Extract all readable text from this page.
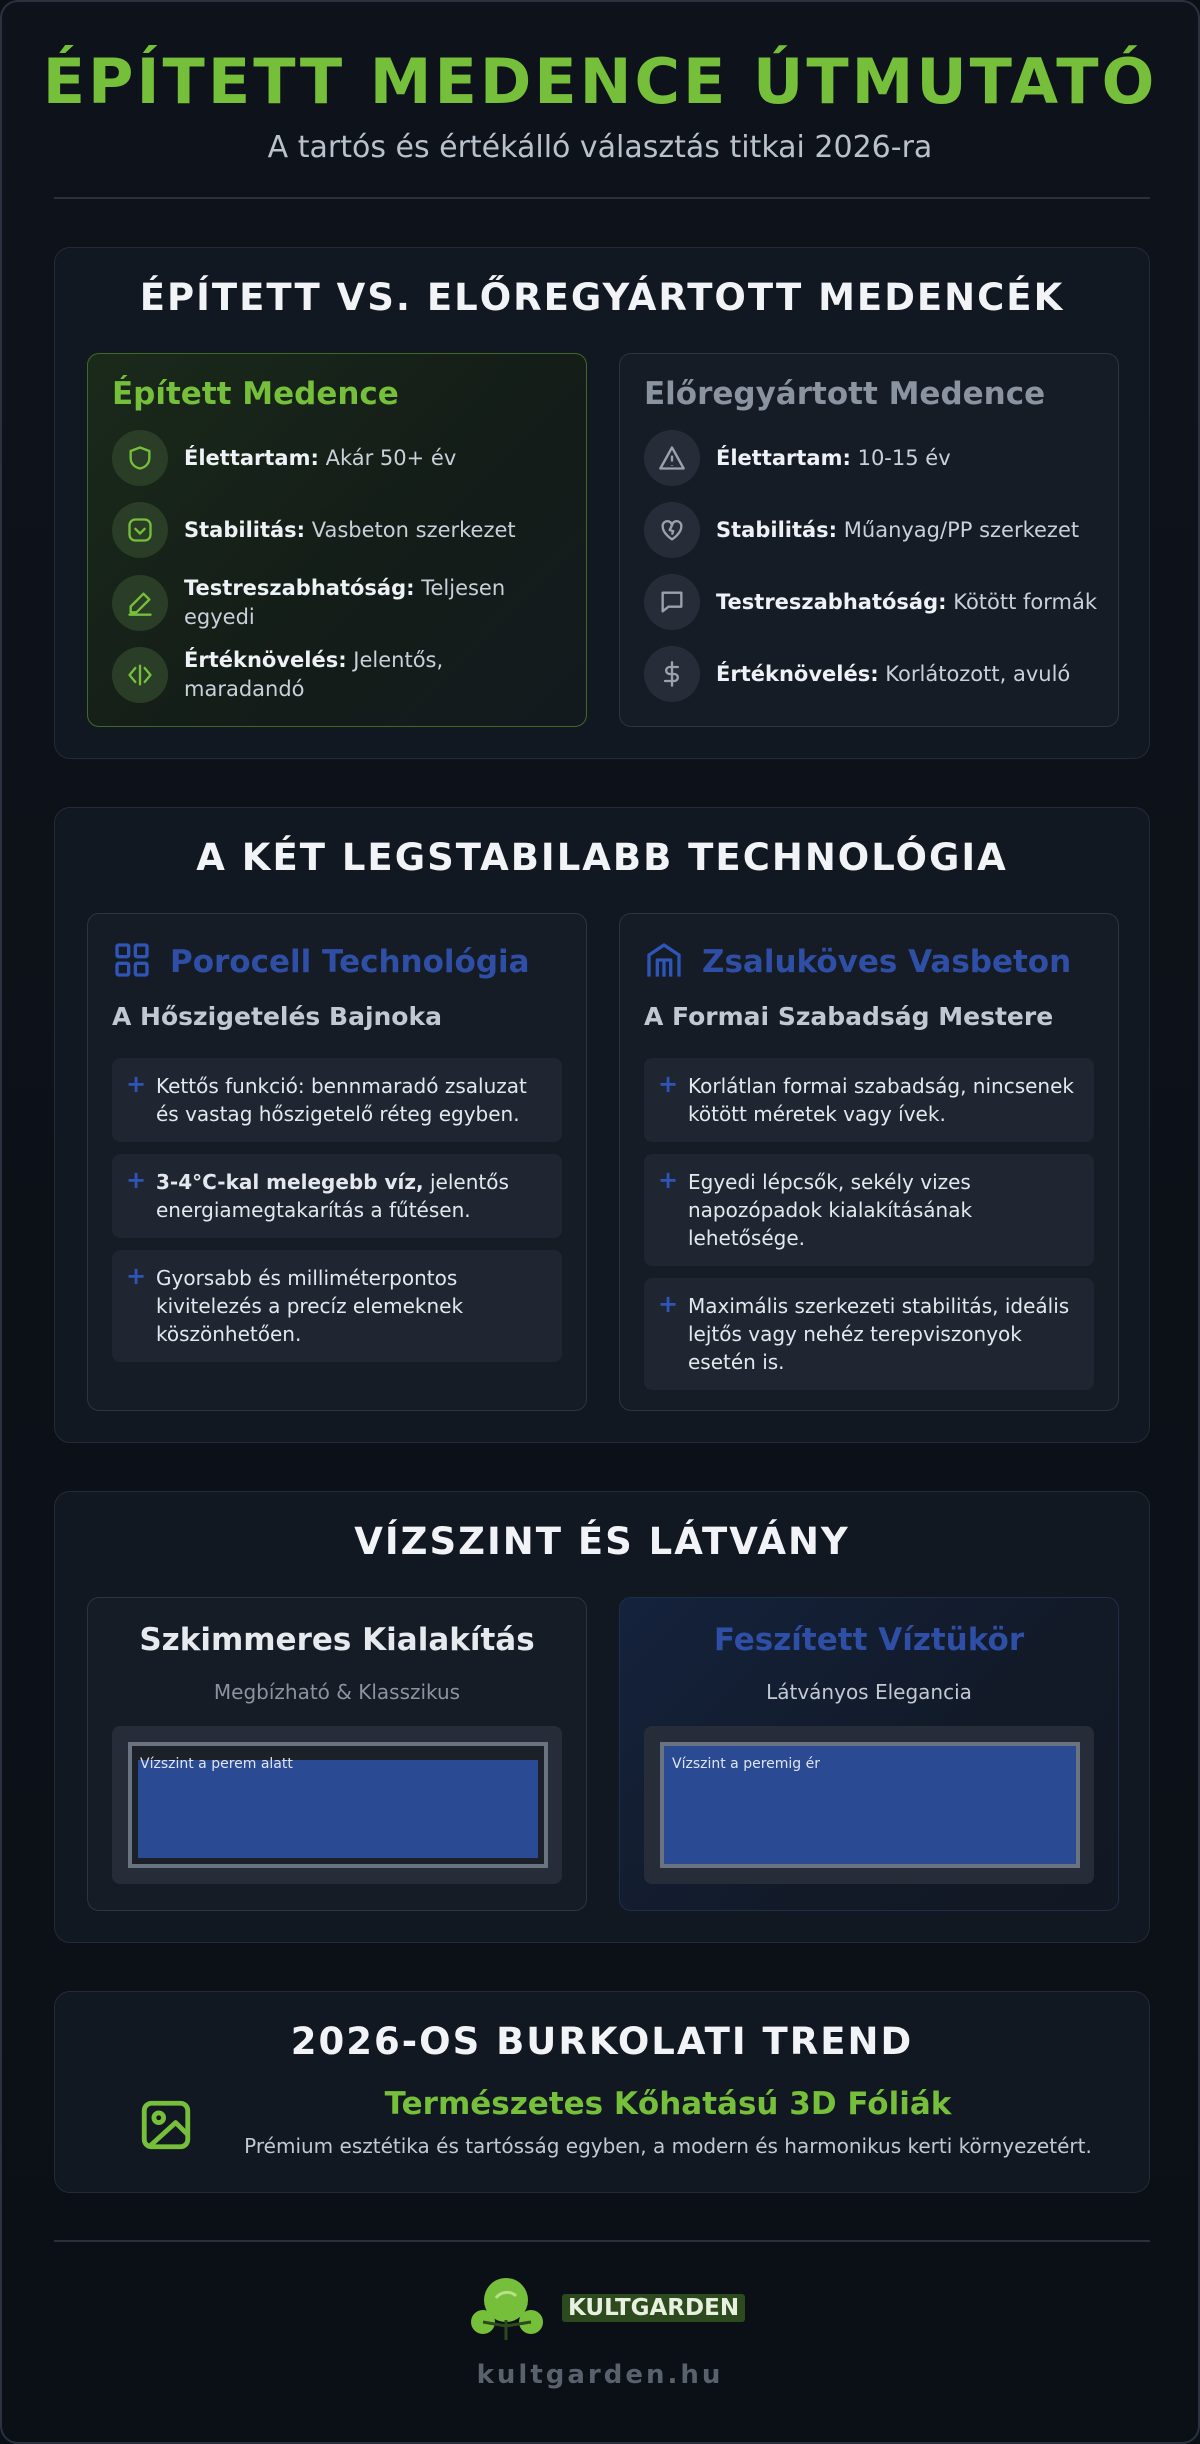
ÉPÍTETT MEDENCE ÚTMUTATÓ
A tartós és értékálló választás titkai 2026-ra
ÉPÍTETT VS. ELŐREGYÁRTOTT MEDENCÉK
Épített Medence
Élettartam: Akár 50+ év
Stabilitás: Vasbeton szerkezet
Testreszabhatóság: Teljesen egyedi
Értéknövelés: Jelentős, maradandó
Előregyártott Medence
Élettartam: 10-15 év
Stabilitás: Műanyag/PP szerkezet
Testreszabhatóság: Kötött formák
Értéknövelés: Korlátozott, avuló
A KÉT LEGSTABILABB TECHNOLÓGIA
Porocell Technológia
A Hőszigetelés Bajnoka
+ Kettős funkció: bennmaradó zsaluzat és vastag hőszigetelő réteg egyben.
+ 3-4°C-kal melegebb víz, jelentős energiamegtakarítás a fűtésen.
+ Gyorsabb és milliméterpontos kivitelezés a precíz elemeknek köszönhetően.
Zsaluköves Vasbeton
A Formai Szabadság Mestere
+ Korlátlan formai szabadság, nincsenek kötött méretek vagy ívek.
+ Egyedi lépcsők, sekély vizes napozópadok kialakításának lehetősége.
+ Maximális szerkezeti stabilitás, ideális lejtős vagy nehéz terepviszonyok esetén is.
VÍZSZINT ÉS LÁTVÁNY
Szkimmeres Kialakítás
Megbízható & Klasszikus
Vízszint a perem alatt
Feszített Víztükör
Látványos Elegancia
Vízszint a peremig ér
2026-OS BURKOLATI TREND
Természetes Kőhatású 3D Fóliák
Prémium esztétika és tartósság egyben, a modern és harmonikus kerti környezetért.
KULTGARDEN
kultgarden.hu
